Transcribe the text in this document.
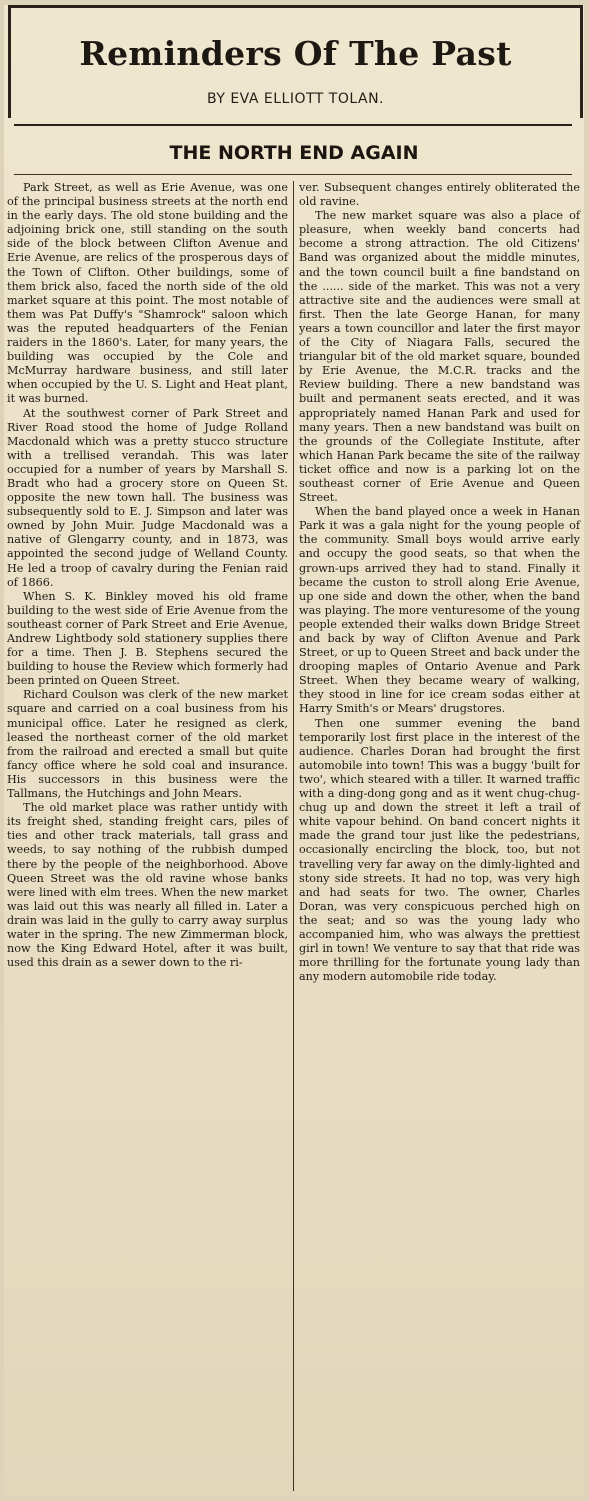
Reminders Of The Past
BY EVA ELLIOTT TOLAN.
THE NORTH END AGAIN

Park Street, as well as Erie Avenue, was one of the principal business streets at the north end in the early days. The old stone building and the adjoining brick one, still standing on the south side of the block between Clifton Avenue and Erie Avenue, are relics of the prosperous days of the Town of Clifton. Other buildings, some of them brick also, faced the north side of the old market square at this point. The most notable of them was Pat Duffy's "Shamrock" saloon which was the reputed headquarters of the Fenian raiders in the 1860's. Later, for many years, the building was occupied by the Cole and McMurray hardware business, and still later when occupied by the U. S. Light and Heat plant, it was burned.

At the southwest corner of Park Street and River Road stood the home of Judge Rolland Macdonald which was a pretty stucco structure with a trellised verandah. This was later occupied for a number of years by Marshall S. Bradt who had a grocery store on Queen St. opposite the new town hall. The business was subsequently sold to E. J. Simpson and later was owned by John Muir. Judge Macdonald was a native of Glengarry county, and in 1873, was appointed the second judge of Welland County. He led a troop of cavalry during the Fenian raid of 1866.

When S. K. Binkley moved his old frame building to the west side of Erie Avenue from the southeast corner of Park Street and Erie Avenue, Andrew Lightbody sold stationery supplies there for a time. Then J. B. Stephens secured the building to house the Review which formerly had been printed on Queen Street.

Richard Coulson was clerk of the new market square and carried on a coal business from his municipal office. Later he resigned as clerk, leased the northeast corner of the old market from the railroad and erected a small but quite fancy office where he sold coal and insurance. His successors in this business were the Tallmans, the Hutchings and John Mears.

The old market place was rather untidy with its freight shed, standing freight cars, piles of ties and other track materials, tall grass and weeds, to say nothing of the rubbish dumped there by the people of the neighborhood. Above Queen Street was the old ravine whose banks were lined with elm trees. When the new market was laid out this was nearly all filled in. Later a drain was laid in the gully to carry away surplus water in the spring. The new Zimmerman block, now the King Edward Hotel, after it was built, used this drain as a sewer down to the ri-

ver. Subsequent changes entirely obliterated the old ravine.

The new market square was also a place of pleasure, when weekly band concerts had become a strong attraction. The old Citizens' Band was organized about the middle minutes, and the town council built a fine bandstand on the ...... side of the market. This was not a very attractive site and the audiences were small at first. Then the late George Hanan, for many years a town councillor and later the first mayor of the City of Niagara Falls, secured the triangular bit of the old market square, bounded by Erie Avenue, the M.C.R. tracks and the Review building. There a new bandstand was built and permanent seats erected, and it was appropriately named Hanan Park and used for many years. Then a new bandstand was built on the grounds of the Collegiate Institute, after which Hanan Park became the site of the railway ticket office and now is a parking lot on the southeast corner of Erie Avenue and Queen Street.

When the band played once a week in Hanan Park it was a gala night for the young people of the community. Small boys would arrive early and occupy the good seats, so that when the grown-ups arrived they had to stand. Finally it became the custon to stroll along Erie Avenue, up one side and down the other, when the band was playing. The more venturesome of the young people extended their walks down Bridge Street and back by way of Clifton Avenue and Park Street, or up to Queen Street and back under the drooping maples of Ontario Avenue and Park Street. When they became weary of walking, they stood in line for ice cream sodas either at Harry Smith's or Mears' drugstores.

Then one summer evening the band temporarily lost first place in the interest of the audience. Charles Doran had brought the first automobile into town! This was a buggy 'built for two', which steared with a tiller. It warned traffic with a ding-dong gong and as it went chug-chug-chug up and down the street it left a trail of white vapour behind. On band concert nights it made the grand tour just like the pedestrians, occasionally encircling the block, too, but not travelling very far away on the dimly-lighted and stony side streets. It had no top, was very high and had seats for two. The owner, Charles Doran, was very conspicuous perched high on the seat; and so was the young lady who accompanied him, who was always the prettiest girl in town! We venture to say that that ride was more thrilling for the fortunate young lady than any modern automobile ride today.
